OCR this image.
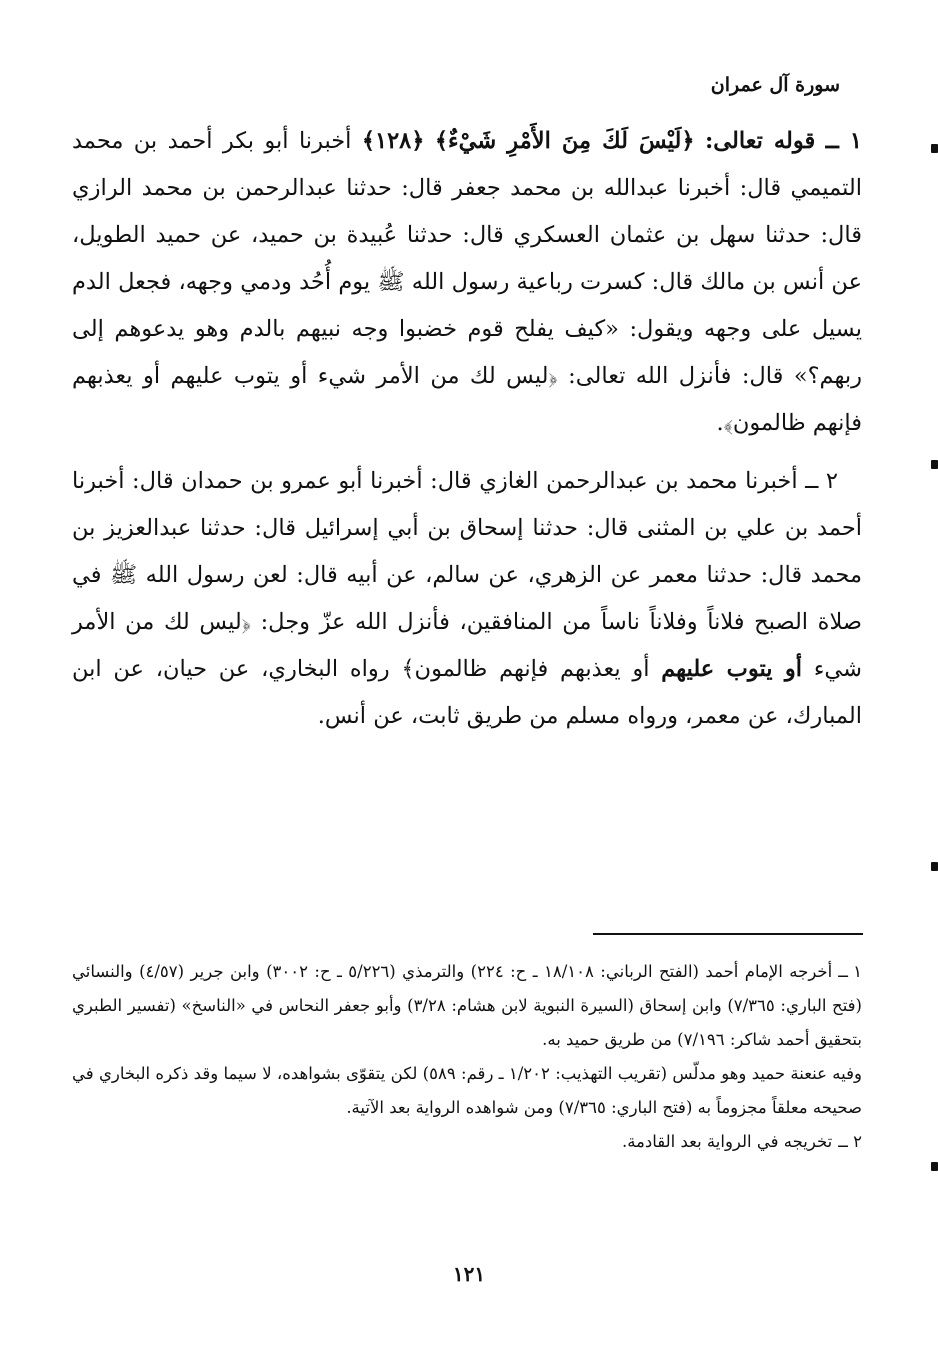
سورة آل عمران

١ ــ قوله تعالى: ﴿لَيْسَ لَكَ مِنَ الأَمْرِ شَيْءٌ﴾ ﴿١٢٨﴾ أخبرنا أبو بكر أحمد بن محمد التميمي قال: أخبرنا عبدالله بن محمد جعفر قال: حدثنا عبدالرحمن بن محمد الرازي قال: حدثنا سهل بن عثمان العسكري قال: حدثنا عُبيدة بن حميد، عن حميد الطويل، عن أنس بن مالك قال: كسرت رباعية رسول الله ﷺ يوم أُحُد ودمي وجهه، فجعل الدم يسيل على وجهه ويقول: «كيف يفلح قوم خضبوا وجه نبيهم بالدم وهو يدعوهم إلى ربهم؟» قال: فأنزل الله تعالى: ﴿ليس لك من الأمر شيء أو يتوب عليهم أو يعذبهم فإنهم ظالمون﴾.

٢ ــ أخبرنا محمد بن عبدالرحمن الغازي قال: أخبرنا أبو عمرو بن حمدان قال: أخبرنا أحمد بن علي بن المثنى قال: حدثنا إسحاق بن أبي إسرائيل قال: حدثنا عبدالعزيز بن محمد قال: حدثنا معمر عن الزهري، عن سالم، عن أبيه قال: لعن رسول الله ﷺ في صلاة الصبح فلاناً وفلاناً ناساً من المنافقين، فأنزل الله عزّ وجل: ﴿ليس لك من الأمر شيء أو يتوب عليهم أو يعذبهم فإنهم ظالمون﴾ رواه البخاري، عن حيان، عن ابن المبارك، عن معمر، ورواه مسلم من طريق ثابت، عن أنس.

١ ــأخرجه الإمام أحمد (الفتح الرباني: ١٨/١٠٨ ـ ح: ٢٢٤) والترمذي (٥/٢٢٦ ـ ح: ٣٠٠٢) وابن جرير (٤/٥٧) والنسائي (فتح الباري: ٧/٣٦٥) وابن إسحاق (السيرة النبوية لابن هشام: ٣/٢٨) وأبو جعفر النحاس في «الناسخ» (تفسير الطبري بتحقيق أحمد شاكر: ٧/١٩٦) من طريق حميد به.

وفيه عنعنة حميد وهو مدلّس (تقريب التهذيب: ١/٢٠٢ ـ رقم: ٥٨٩) لكن يتقوّى بشواهده، لا سيما وقد ذكره البخاري في صحيحه معلقاً مجزوماً به (فتح الباري: ٧/٣٦٥) ومن شواهده الرواية بعد الآتية.

٢ ــتخريجه في الرواية بعد القادمة.

١٢١
